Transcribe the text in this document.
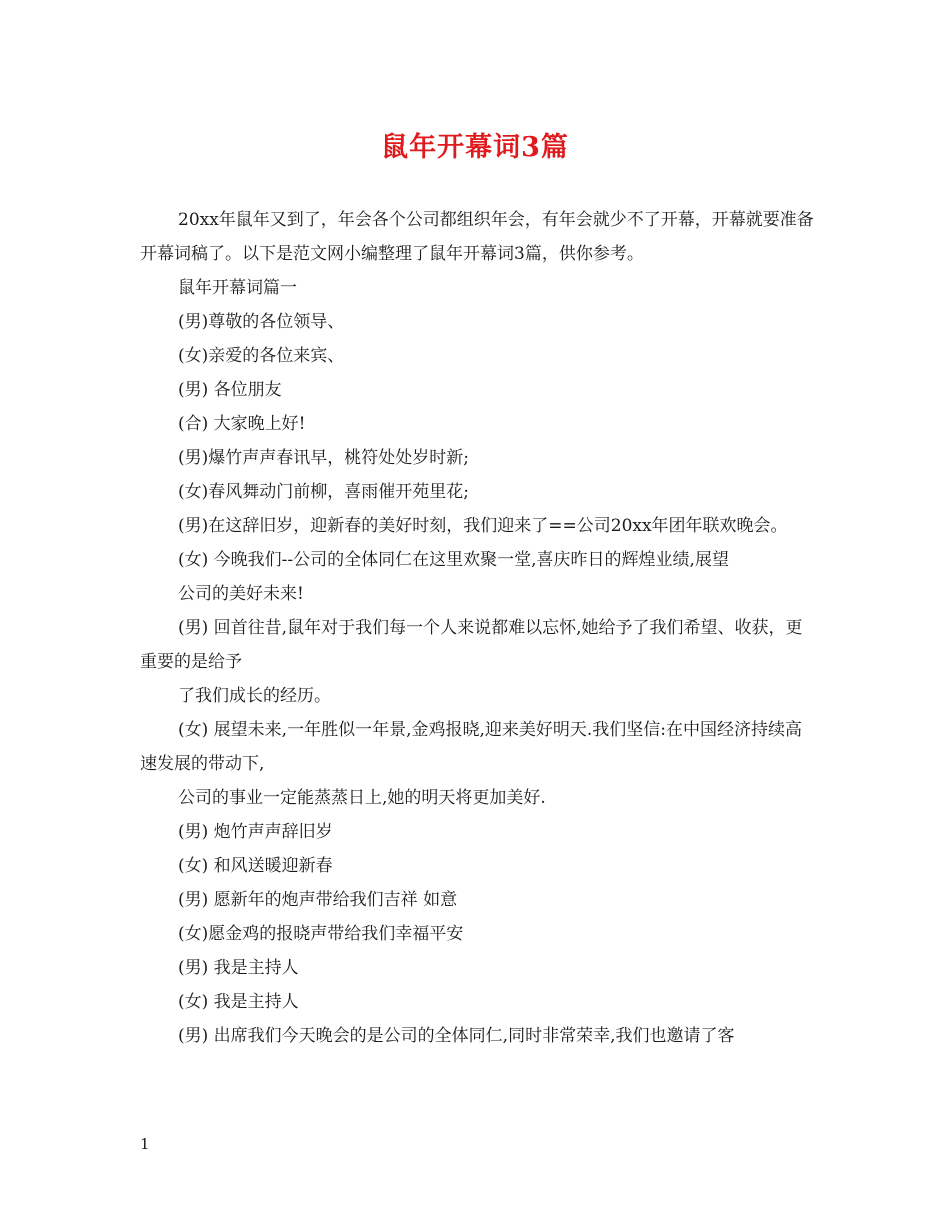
鼠年开幕词3篇

20xx年鼠年又到了，年会各个公司都组织年会，有年会就少不了开幕，开幕就要准备开幕词稿了。以下是范文网小编整理了鼠年开幕词3篇，供你参考。

鼠年开幕词篇一

(男)尊敬的各位领导、

(女)亲爱的各位来宾、

(男) 各位朋友

(合) 大家晚上好!

(男)爆竹声声春讯早，桃符处处岁时新;

(女)春风舞动门前柳，喜雨催开苑里花;

(男)在这辞旧岁，迎新春的美好时刻，我们迎来了==公司20xx年团年联欢晚会。

(女) 今晚我们--公司的全体同仁在这里欢聚一堂,喜庆昨日的辉煌业绩,展望

公司的美好未来!

(男) 回首往昔,鼠年对于我们每一个人来说都难以忘怀,她给予了我们希望、收获，更重要的是给予

了我们成长的经历。

(女) 展望未来,一年胜似一年景,金鸡报晓,迎来美好明天.我们坚信:在中国经济持续高速发展的带动下,

公司的事业一定能蒸蒸日上,她的明天将更加美好.

(男) 炮竹声声辞旧岁

(女) 和风送暖迎新春

(男) 愿新年的炮声带给我们吉祥 如意

(女)愿金鸡的报晓声带给我们幸福平安

(男) 我是主持人

(女) 我是主持人

(男) 出席我们今天晚会的是公司的全体同仁,同时非常荣幸,我们也邀请了客

1
